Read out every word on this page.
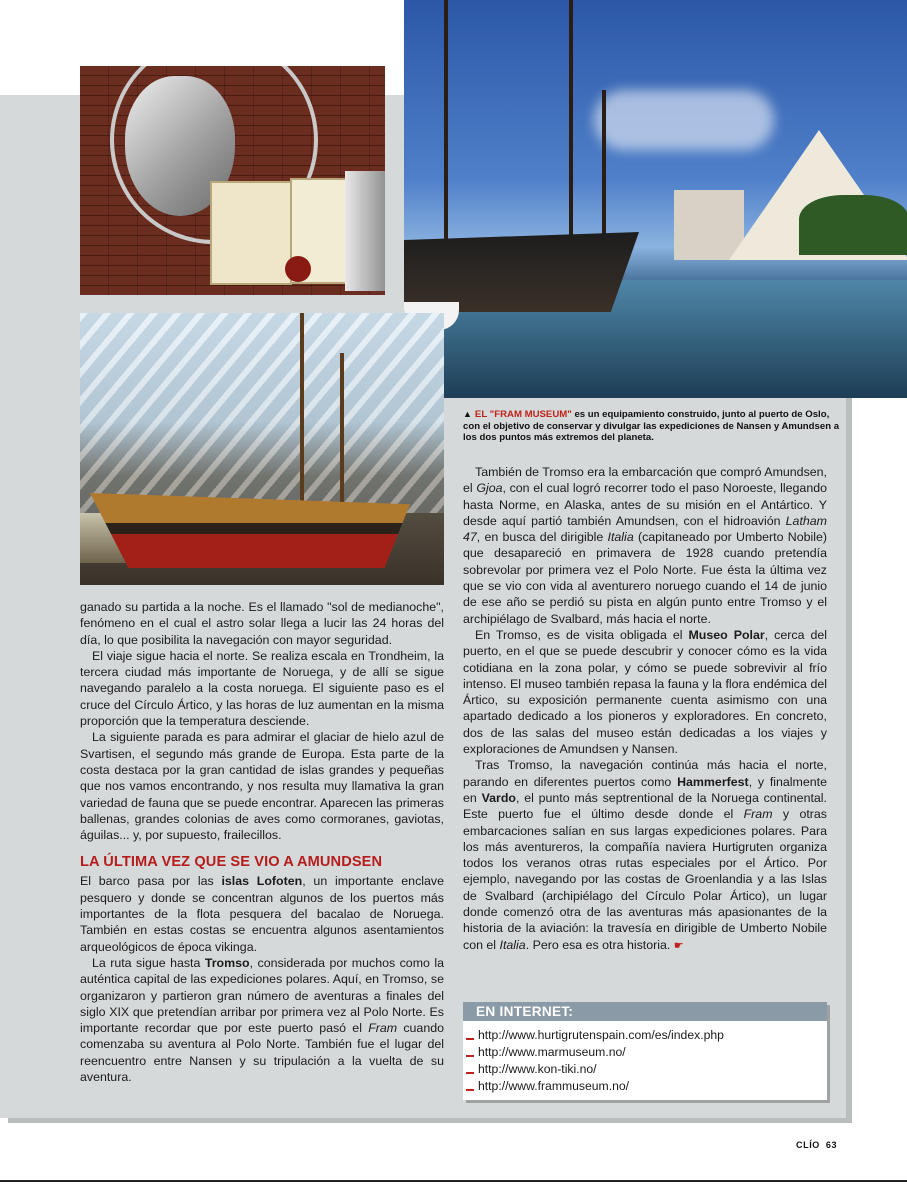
▲ EL "FRAM MUSEUM" es un equipamiento construido, junto al puerto de Oslo, con el objetivo de conservar y divulgar las expediciones de Nansen y Amundsen a los dos puntos más extremos del planeta.

ganado su partida a la noche. Es el llamado "sol de medianoche", fenómeno en el cual el astro solar llega a lucir las 24 horas del día, lo que posibilita la navegación con mayor seguridad.

El viaje sigue hacia el norte. Se realiza escala en Trondheim, la tercera ciudad más importante de Noruega, y de allí se sigue navegando paralelo a la costa noruega. El siguiente paso es el cruce del Círculo Ártico, y las horas de luz aumentan en la misma proporción que la temperatura desciende.

La siguiente parada es para admirar el glaciar de hielo azul de Svartisen, el segundo más grande de Europa. Esta parte de la costa destaca por la gran cantidad de islas grandes y pequeñas que nos vamos encontrando, y nos resulta muy llamativa la gran variedad de fauna que se puede encontrar. Aparecen las primeras ballenas, grandes colonias de aves como cormoranes, gaviotas, águilas... y, por supuesto, frailecillos.

LA ÚLTIMA VEZ QUE SE VIO A AMUNDSEN

El barco pasa por las islas Lofoten, un importante enclave pesquero y donde se concentran algunos de los puertos más importantes de la flota pesquera del bacalao de Noruega. También en estas costas se encuentra algunos asentamientos arqueológicos de época vikinga.

La ruta sigue hasta Tromso, considerada por muchos como la auténtica capital de las expediciones polares. Aquí, en Tromso, se organizaron y partieron gran número de aventuras a finales del siglo XIX que pretendían arribar por primera vez al Polo Norte. Es importante recordar que por este puerto pasó el Fram cuando comenzaba su aventura al Polo Norte. También fue el lugar del reencuentro entre Nansen y su tripulación a la vuelta de su aventura.

También de Tromso era la embarcación que compró Amundsen, el Gjoa, con el cual logró recorrer todo el paso Noroeste, llegando hasta Norme, en Alaska, antes de su misión en el Antártico. Y desde aquí partió también Amundsen, con el hidroavión Latham 47, en busca del dirigible Italia (capitaneado por Umberto Nobile) que desapareció en primavera de 1928 cuando pretendía sobrevolar por primera vez el Polo Norte. Fue ésta la última vez que se vio con vida al aventurero noruego cuando el 14 de junio de ese año se perdió su pista en algún punto entre Tromso y el archipiélago de Svalbard, más hacia el norte.

En Tromso, es de visita obligada el Museo Polar, cerca del puerto, en el que se puede descubrir y conocer cómo es la vida cotidiana en la zona polar, y cómo se puede sobrevivir al frío intenso. El museo también repasa la fauna y la flora endémica del Ártico, su exposición permanente cuenta asimismo con una apartado dedicado a los pioneros y exploradores. En concreto, dos de las salas del museo están dedicadas a los viajes y exploraciones de Amundsen y Nansen.

Tras Tromso, la navegación continúa más hacia el norte, parando en diferentes puertos como Hammerfest, y finalmente en Vardo, el punto más septrentional de la Noruega continental. Este puerto fue el último desde donde el Fram y otras embarcaciones salían en sus largas expediciones polares. Para los más aventureros, la compañía naviera Hurtigruten organiza todos los veranos otras rutas especiales por el Ártico. Por ejemplo, navegando por las costas de Groenlandia y a las Islas de Svalbard (archipiélago del Círculo Polar Ártico), un lugar donde comenzó otra de las aventuras más apasionantes de la historia de la aviación: la travesía en dirigible de Umberto Nobile con el Italia. Pero esa es otra historia. ☛

EN INTERNET:
http://www.hurtigrutenspain.com/es/index.php
http://www.marmuseum.no/
http://www.kon-tiki.no/
http://www.frammuseum.no/
CLÍO 63
